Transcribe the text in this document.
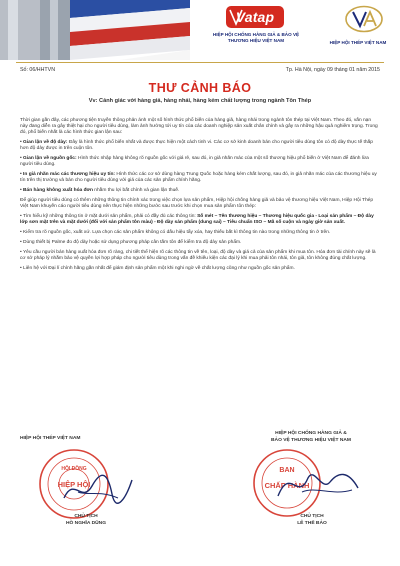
Vatap
HIỆP HỘI CHỐNG HÀNG GIẢ & BẢO VỆ THƯƠNG HIỆU VIỆT NAM	HIỆP HỘI THÉP VIỆT NAM
Số: 06/HHTVN	Tp. Hà Nội, ngày 09 tháng 01 năm 2015
THƯ CẢNH BÁO
Vv: Cảnh giác với hàng giả, hàng nhái, hàng kém chất lượng trong ngành Tôn Thép

Thời gian gần đây, các phương tiện truyền thông phản ánh một số hình thức phổ biến của hàng giả, hàng nhái trong ngành tôn thép tại Việt Nam. Theo đó, vấn nạn này đang diễn ra gây thiệt hại cho người tiêu dùng, làm ảnh hưởng tới uy tín của các doanh nghiệp sản xuất chân chính và gây ra những hậu quả nghiêm trọng. Trong đó, phổ biến nhất là các hình thức gian lận sau:

• Gian lận về độ dày: Đây là hình thức phổ biến nhất và được thực hiện một cách tinh vi. Các cơ sở kinh doanh bán cho người tiêu dùng tôn có độ dày thực tế thấp hơn độ dày được in trên cuộn tôn.

• Gian lận về nguồn gốc: Hình thức nhập hàng không rõ nguồn gốc với giá rẻ, sau đó, in giả nhãn mác của một số thương hiệu phổ biến ở Việt Nam để đánh lừa người tiêu dùng.

• In giả nhãn mác các thương hiệu uy tín: Hình thức các cơ sở dùng hàng Trung Quốc hoặc hàng kém chất lượng, sau đó, in giả nhãn mác của các thương hiệu uy tín trên thị trường và bán cho người tiêu dùng với giá của các sản phẩm chính hãng.

• Bán hàng không xuất hóa đơn nhằm thu lợi bất chính và gian lận thuế.

Để giúp người tiêu dùng có thêm những thông tin chính xác trong việc chọn lựa sản phẩm, Hiệp hội chống hàng giả và bảo vệ thương hiệu Việt Nam, Hiệp Hội Thép Việt Nam khuyến cáo người tiêu dùng nên thực hiện những bước sau trước khi chọn mua sản phẩm tôn thép:

• Tìm hiểu kỹ những thông tin ở mặt dưới sản phẩm, phải có đầy đủ các thông tin: Số mét – Tên thương hiệu – Thương hiệu quốc gia - Loại sản phẩm – Độ dày lớp sơn mặt trên và mặt dưới (đối với sản phẩm tôn màu) - Độ dày sản phẩm (dung sai) – Tiêu chuẩn ISO – Mã số cuộn và ngày giờ sản xuất.

• Kiểm tra rõ nguồn gốc, xuất xứ. Lựa chọn các sản phẩm không có dấu hiệu tẩy xóa, hay thiếu bất kì thông tin nào trong những thông tin ở trên.

• Dùng thiết bị Palme đo độ dày hoặc sử dụng phương pháp cân tấm tôn để kiểm tra độ dày sản phẩm.

• Yêu cầu người bán hàng xuất hóa đơn rõ ràng, chi tiết thể hiện rõ các thông tin về tên, loại, độ dày và giá cả của sản phẩm khi mua tôn. Hóa đơn tài chính này sẽ là cơ sở pháp lý nhằm bảo vệ quyền lợi hợp pháp cho người tiêu dùng trong vấn đề khiếu kiện các đại lý khi mua phải tôn nhái, tôn giả, tôn không đúng chất lượng.

• Liên hệ với Đại lí chính hãng gần nhất để giám định sản phẩm một khi nghi ngờ về chất lượng cũng như nguồn gốc sản phẩm.

HIỆP HỘI THÉP VIỆT NAM
HỘI ĐỒNG
HIỆP HỘI
CHỦ TỊCH
HỒ NGHĨA DŨNG
HIỆP HỘI CHỐNG HÀNG GIẢ &
BẢO VỆ THƯƠNG HIỆU VIỆT NAM
BAN
CHẤP HÀNH
CHỦ TỊCH
LÊ THẾ BẢO
